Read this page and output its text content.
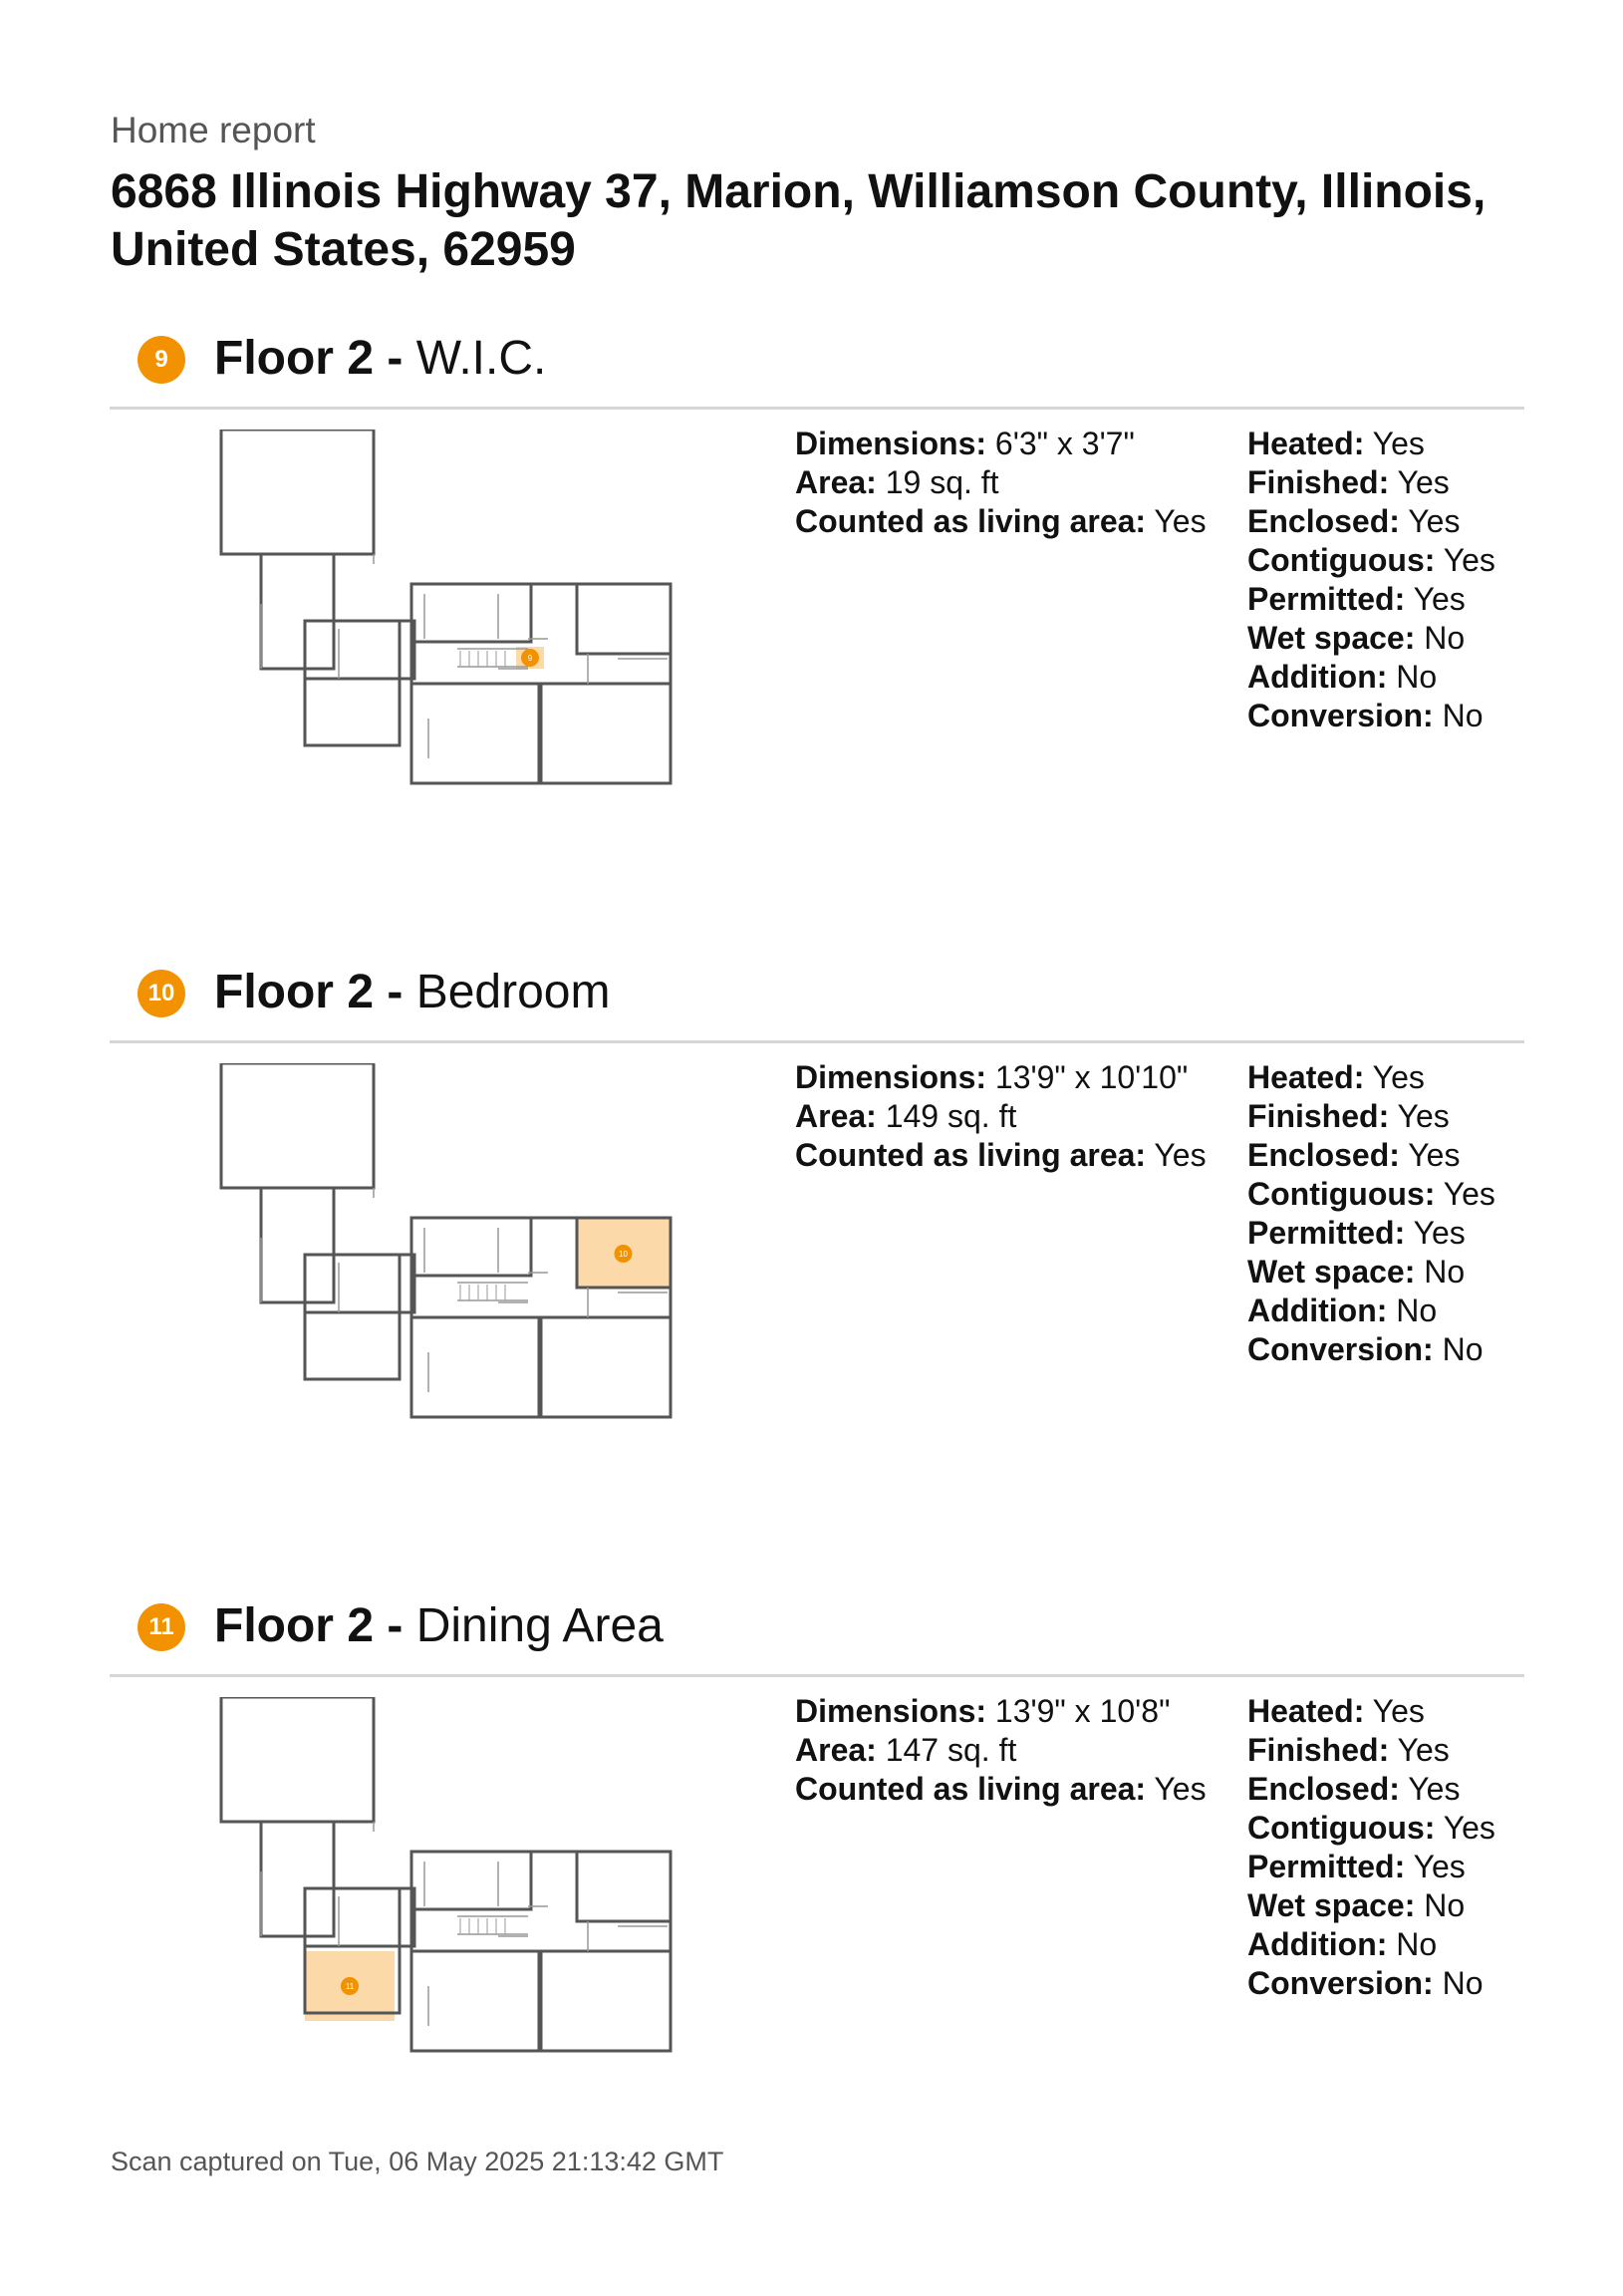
Home report
6868 Illinois Highway 37, Marion, Williamson County, Illinois, United States, 62959
9 Floor 2 - W.I.C.
9
Dimensions: 6'3" x 3'7"
Area: 19 sq. ft
Counted as living area: Yes
Heated: Yes
Finished: Yes
Enclosed: Yes
Contiguous: Yes
Permitted: Yes
Wet space: No
Addition: No
Conversion: No
10 Floor 2 - Bedroom
10
Dimensions: 13'9" x 10'10"
Area: 149 sq. ft
Counted as living area: Yes
Heated: Yes
Finished: Yes
Enclosed: Yes
Contiguous: Yes
Permitted: Yes
Wet space: No
Addition: No
Conversion: No
11 Floor 2 - Dining Area
11
Dimensions: 13'9" x 10'8"
Area: 147 sq. ft
Counted as living area: Yes
Heated: Yes
Finished: Yes
Enclosed: Yes
Contiguous: Yes
Permitted: Yes
Wet space: No
Addition: No
Conversion: No
Scan captured on Tue, 06 May 2025 21:13:42 GMT
